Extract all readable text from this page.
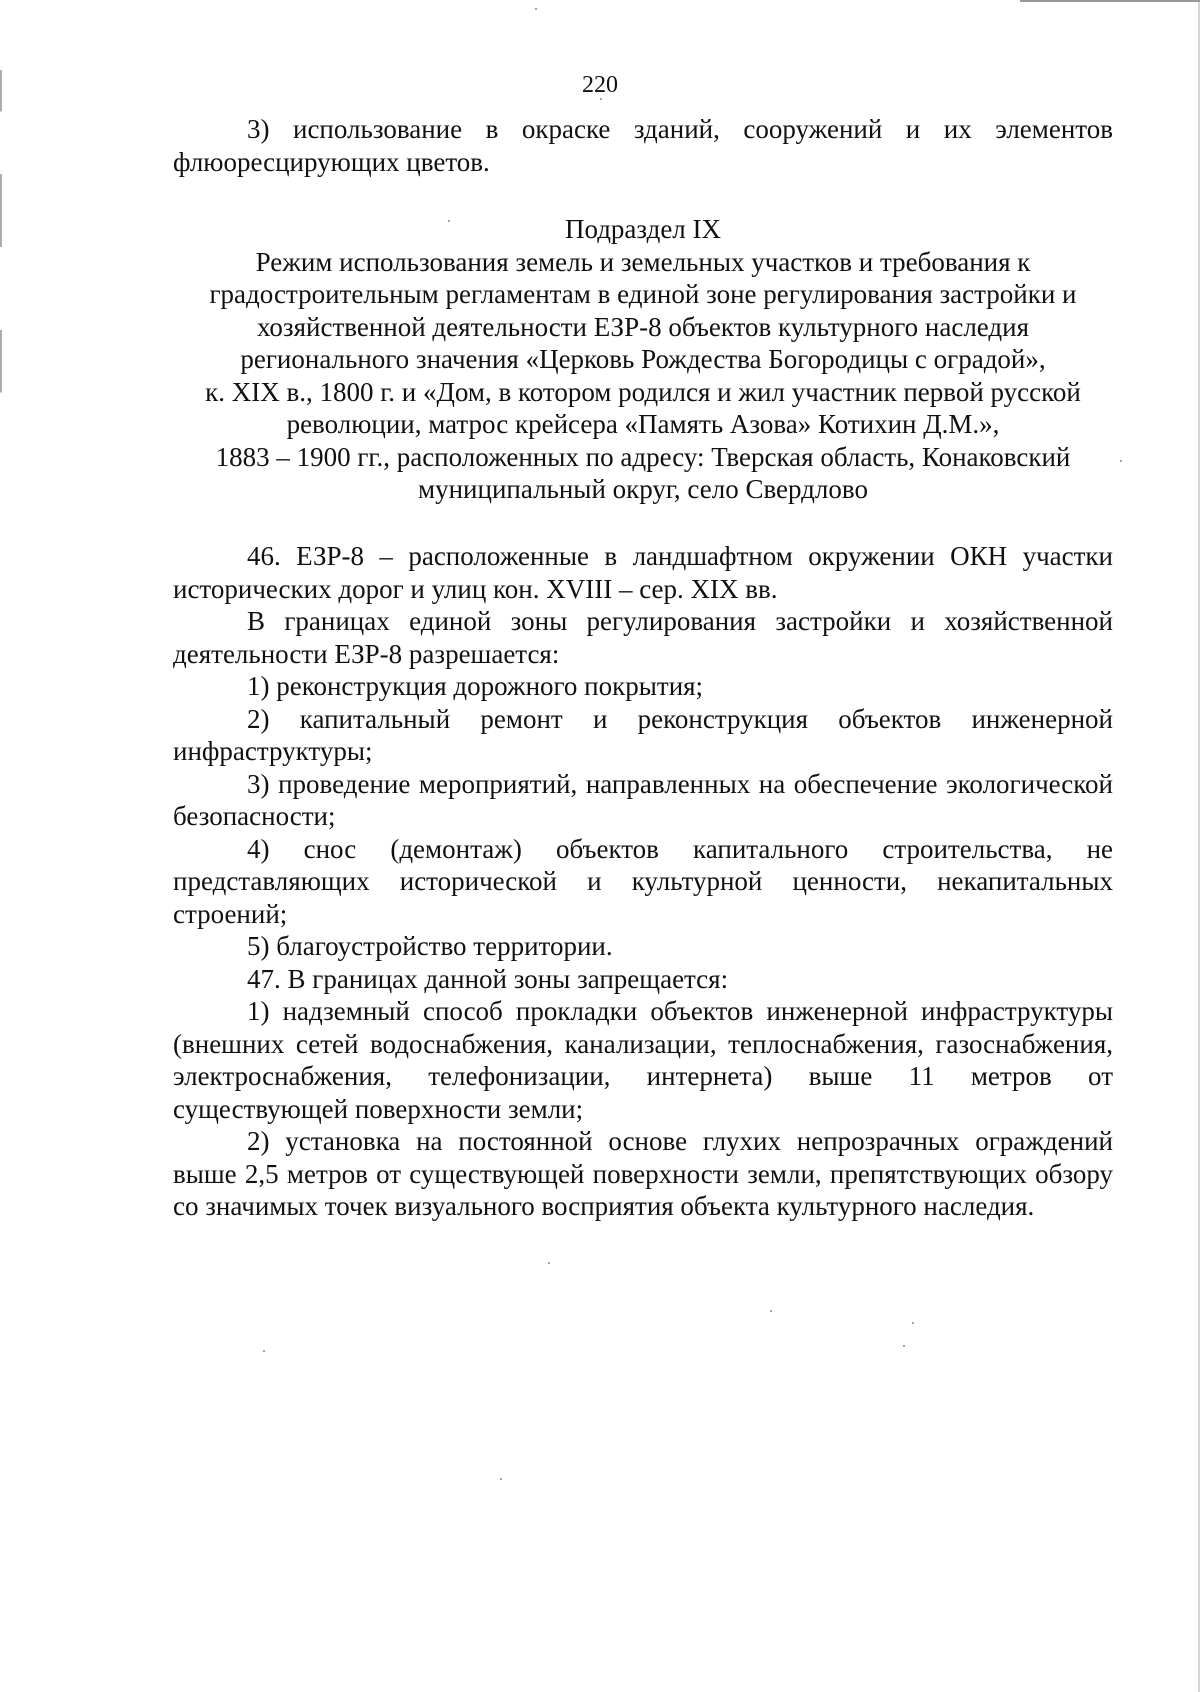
220

3) использование в окраске зданий, сооружений и их элементов флюоресцирующих цветов.

Подраздел IX
Режим использования земель и земельных участков и требования к
градостроительным регламентам в единой зоне регулирования застройки и
хозяйственной деятельности ЕЗР-8 объектов культурного наследия
регионального значения «Церковь Рождества Богородицы с оградой»,
к. XIX в., 1800 г. и «Дом, в котором родился и жил участник первой русской
революции, матрос крейсера «Память Азова» Котихин Д.М.»,
1883 – 1900 гг., расположенных по адресу: Тверская область, Конаковский
муниципальный округ, село Свердлово

46. ЕЗР-8 – расположенные в ландшафтном окружении ОКН участки исторических дорог и улиц кон. XVIII – сер. XIX вв.

В границах единой зоны регулирования застройки и хозяйственной деятельности ЕЗР-8 разрешается:

1) реконструкция дорожного покрытия;

2) капитальный ремонт и реконструкция объектов инженерной инфраструктуры;

3) проведение мероприятий, направленных на обеспечение экологической безопасности;

4) снос (демонтаж) объектов капитального строительства, не представляющих исторической и культурной ценности, некапитальных строений;

5) благоустройство территории.

47. В границах данной зоны запрещается:

1) надземный способ прокладки объектов инженерной инфраструктуры (внешних сетей водоснабжения, канализации, теплоснабжения, газоснабжения, электроснабжения, телефонизации, интернета) выше 11 метров от существующей поверхности земли;

2) установка на постоянной основе глухих непрозрачных ограждений выше 2,5 метров от существующей поверхности земли, препятствующих обзору со значимых точек визуального восприятия объекта культурного наследия.
